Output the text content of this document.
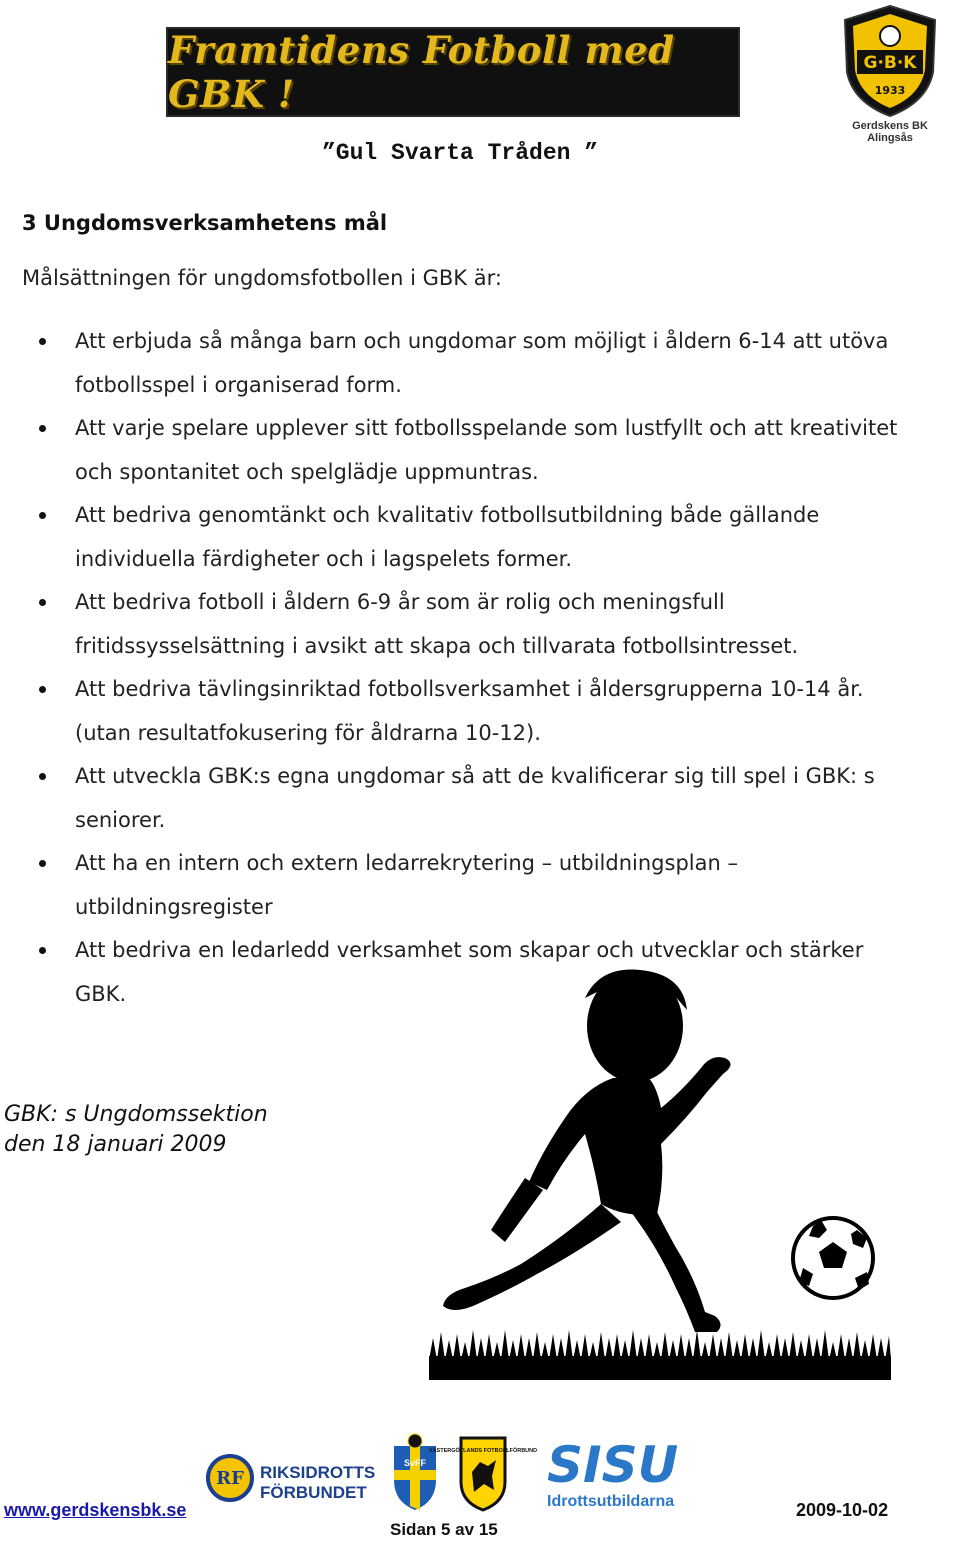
Framtidens Fotboll med GBK !
G·B·K
1933
Gerdskens BK
Alingsås
”Gul Svarta Tråden ”
3 Ungdomsverksamhetens mål
Målsättningen för ungdomsfotbollen i GBK är:
Att erbjuda så många barn och ungdomar som möjligt i åldern 6-14 att utöva fotbollsspel i organiserad form.
Att varje spelare upplever sitt fotbollsspelande som lustfyllt och att kreativitet och spontanitet och spelglädje uppmuntras.
Att bedriva genomtänkt och kvalitativ fotbollsutbildning både gällande individuella färdigheter och i lagspelets former.
Att bedriva fotboll i åldern 6-9 år som är rolig och meningsfull fritidssysselsättning i avsikt att skapa och tillvarata fotbollsintresset.
Att bedriva tävlingsinriktad fotbollsverksamhet i åldersgrupperna 10-14 år. (utan resultatfokusering för åldrarna 10-12).
Att utveckla GBK:s egna ungdomar så att de kvalificerar sig till spel i GBK: s seniorer.
Att ha en intern och extern ledarrekrytering – utbildningsplan – utbildningsregister
Att bedriva en ledarledd verksamhet som skapar och utvecklar och stärker GBK.
GBK: s Ungdomssektion
den 18 januari 2009
RF RIKSIDROTTS
FÖRBUNDET
SvFF
VÄSTERGÖTLANDS FOTBOLLFÖRBUND SISU
Idrottsutbildarna
www.gerdskensbk.se
Sidan 5 av 15
2009-10-02
